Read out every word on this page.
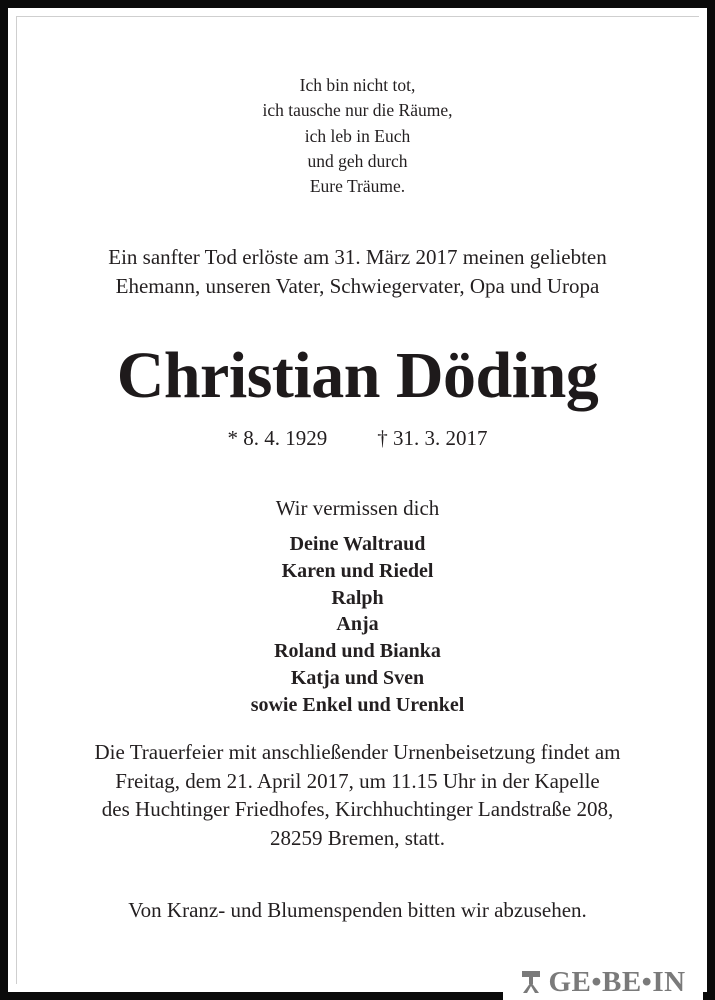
Ich bin nicht tot,
ich tausche nur die Räume,
ich leb in Euch
und geh durch
Eure Träume.
Ein sanfter Tod erlöste am 31. März 2017 meinen geliebten
Ehemann, unseren Vater, Schwiegervater, Opa und Uropa
Christian Döding
* 8. 4. 1929 † 31. 3. 2017
Wir vermissen dich
Deine Waltraud
Karen und Riedel
Ralph
Anja
Roland und Bianka
Katja und Sven
sowie Enkel und Urenkel
Die Trauerfeier mit anschließender Urnenbeisetzung findet am
Freitag, dem 21. April 2017, um 11.15 Uhr in der Kapelle
des Huchtinger Friedhofes, Kirchhuchtinger Landstraße 208,
28259 Bremen, statt.
Von Kranz- und Blumenspenden bitten wir abzusehen.
GE•BE•IN
